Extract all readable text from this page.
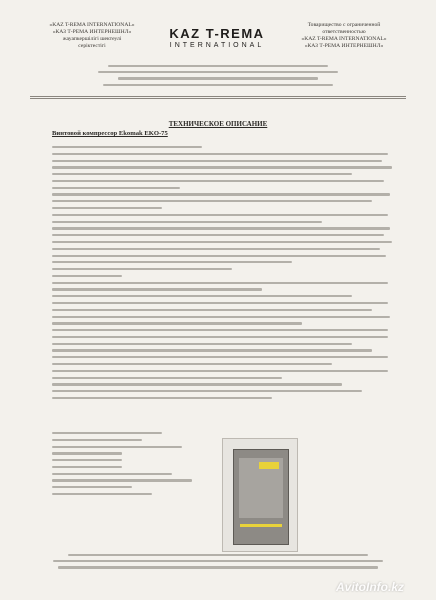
«KAZ T-REMA INTERNATIONAL»
«КАЗ Т-РЕМА ИНТЕРНЕШНЛ»
жауапкершілігі шектеулі
серіктестігі
KAZ T-REMA
INTERNATIONAL
Товарищество с ограниченной
ответственностью
«KAZ T-REMA INTERNATIONAL»
«КАЗ Т-РЕМА ИНТЕРНЕШНЛ»
ТЕХНИЧЕСКОЕ ОПИСАНИЕ
Винтовой компрессор Ekomak EKO-75
AvitoInfo.kz
